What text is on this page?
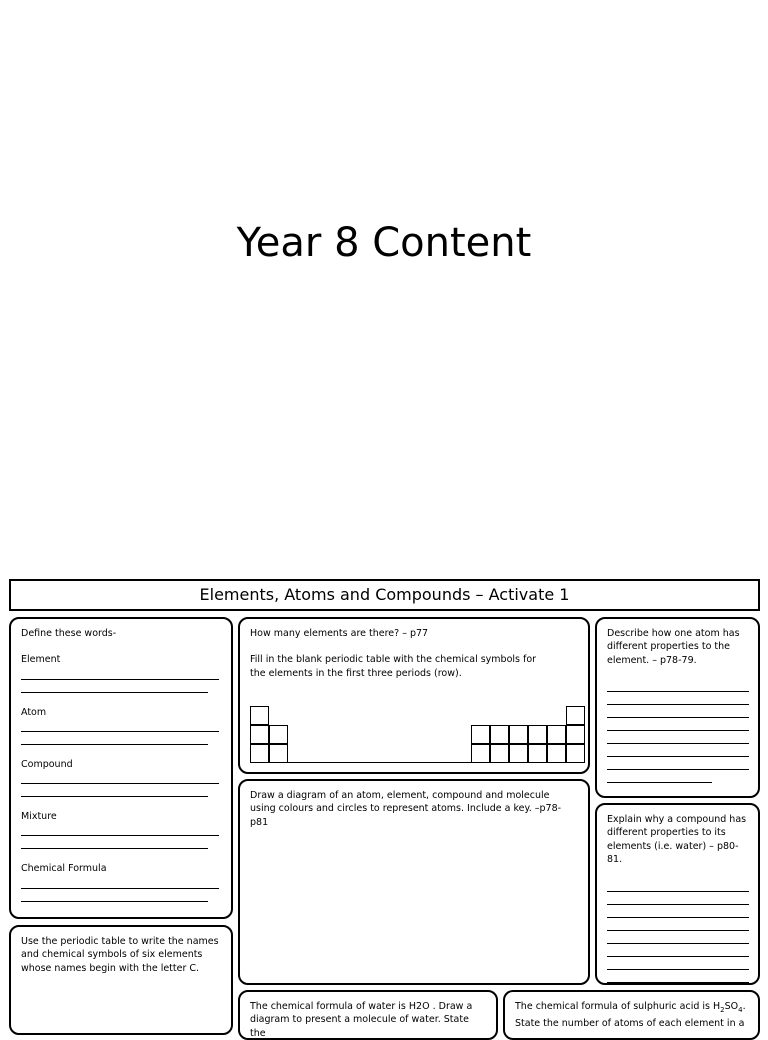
Year 8 Content
Elements, Atoms and Compounds – Activate 1

Define these words-

Element

Atom

Compound

Mixture

Chemical Formula

How many elements are there? – p77

Fill in the blank periodic table with the chemical symbols for the elements in the first three periods (row).

Describe how one atom has different properties to the element. – p78-79.

Draw a diagram of an atom, element, compound and molecule using colours and circles to represent atoms. Include a key. –p78-p81	Explain why a compound has different properties to its elements (i.e. water) – p80-81.

Use the periodic table to write the names and chemical symbols of six elements whose names begin with the letter C.

The chemical formula of water is H2O . Draw a diagram to present a molecule of water. State the

The chemical formula of sulphuric acid is $H_2SO_4$.
State the number of atoms of each element in a
